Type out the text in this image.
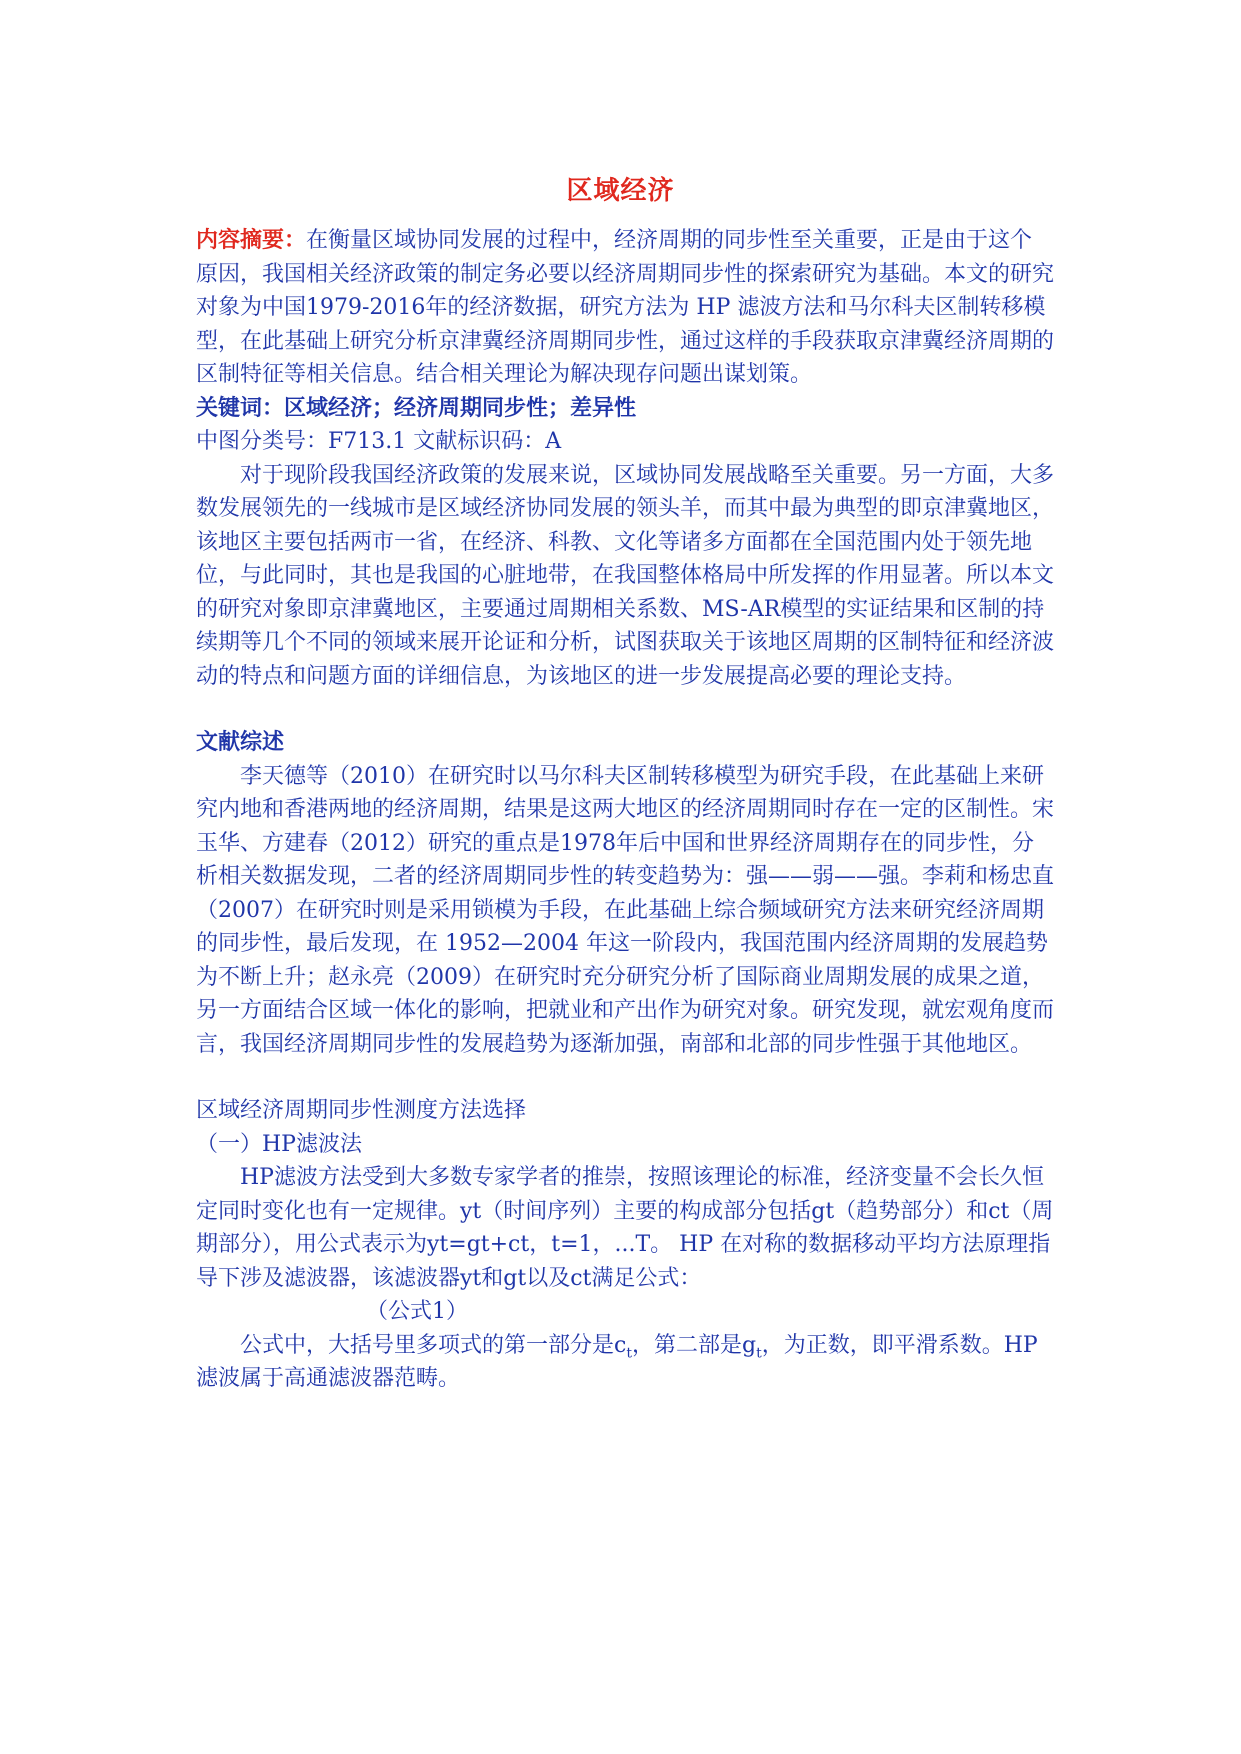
区域经济

内容摘要：在衡量区域协同发展的过程中，经济周期的同步性至关重要，正是由于这个原因，我国相关经济政策的制定务必要以经济周期同步性的探索研究为基础。本文的研究对象为中国1979-2016年的经济数据，研究方法为 HP 滤波方法和马尔科夫区制转移模型，在此基础上研究分析京津冀经济周期同步性，通过这样的手段获取京津冀经济周期的区制特征等相关信息。结合相关理论为解决现存问题出谋划策。

关键词：区域经济；经济周期同步性；差异性

中图分类号：F713.1 文献标识码：A

对于现阶段我国经济政策的发展来说，区域协同发展战略至关重要。另一方面，大多数发展领先的一线城市是区域经济协同发展的领头羊，而其中最为典型的即京津冀地区，该地区主要包括两市一省，在经济、科教、文化等诸多方面都在全国范围内处于领先地位，与此同时，其也是我国的心脏地带，在我国整体格局中所发挥的作用显著。所以本文的研究对象即京津冀地区，主要通过周期相关系数、MS-AR模型的实证结果和区制的持续期等几个不同的领域来展开论证和分析，试图获取关于该地区周期的区制特征和经济波动的特点和问题方面的详细信息，为该地区的进一步发展提高必要的理论支持。

文献综述

李天德等（2010）在研究时以马尔科夫区制转移模型为研究手段，在此基础上来研究内地和香港两地的经济周期，结果是这两大地区的经济周期同时存在一定的区制性。宋玉华、方建春（2012）研究的重点是1978年后中国和世界经济周期存在的同步性，分析相关数据发现，二者的经济周期同步性的转变趋势为：强——弱——强。李莉和杨忠直（2007）在研究时则是采用锁模为手段，在此基础上综合频域研究方法来研究经济周期的同步性，最后发现，在 1952—2004 年这一阶段内，我国范围内经济周期的发展趋势为不断上升；赵永亮（2009）在研究时充分研究分析了国际商业周期发展的成果之道，另一方面结合区域一体化的影响，把就业和产出作为研究对象。研究发现，就宏观角度而言，我国经济周期同步性的发展趋势为逐渐加强，南部和北部的同步性强于其他地区。

区域经济周期同步性测度方法选择

（一）HP滤波法

HP滤波方法受到大多数专家学者的推崇，按照该理论的标准，经济变量不会长久恒定同时变化也有一定规律。yt（时间序列）主要的构成部分包括gt（趋势部分）和ct（周期部分），用公式表示为yt=gt+ct，t=1，...T。 HP 在对称的数据移动平均方法原理指导下涉及滤波器，该滤波器yt和gt以及ct满足公式：

（公式1）

公式中，大括号里多项式的第一部分是$c_t$，第二部是$g_t$，为正数，即平滑系数。HP滤波属于高通滤波器范畴。
